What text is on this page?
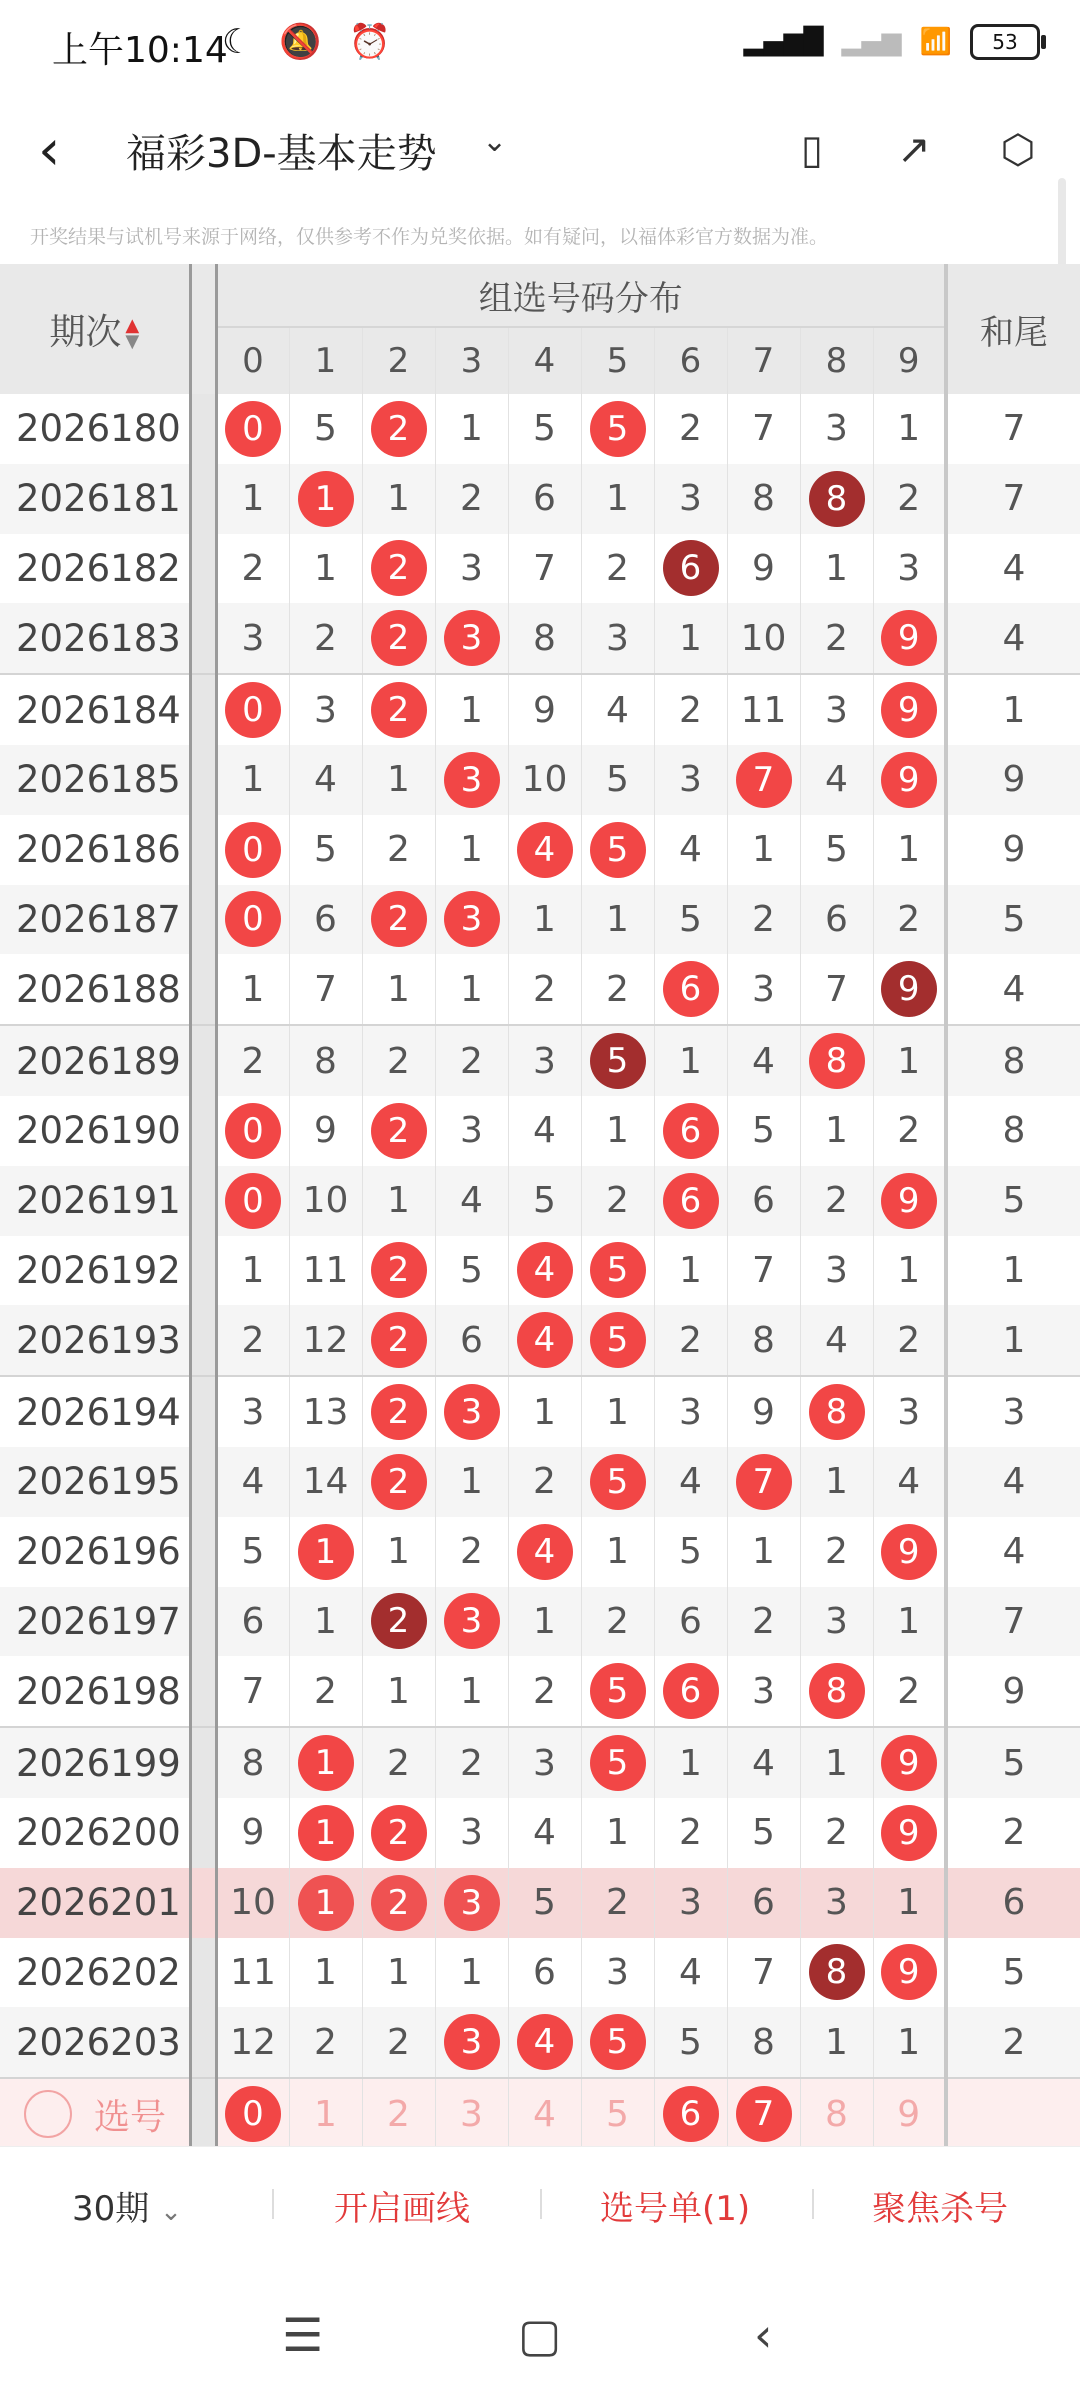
上午10:14
☾ 🔕 ⏰	▂▄▆█ ▂▄▆ 📶	53
‹ 福彩3D-基本走势 ⌄	▯	↗	⬡
开奖结果与试机号来源于网络，仅供参考不作为兑奖依据。如有疑问，以福体彩官方数据为准。
期次 ▲
▼		组选号码分布										和尾
		0	1	2	3	4	5	6	7	8	9	
2026180		0	5	2	1	5	5	2	7	3	1	7
2026181		1	1	1	2	6	1	3	8	8	2	7
2026182		2	1	2	3	7	2	6	9	1	3	4
2026183		3	2	2	3	8	3	1	10	2	9	4
2026184		0	3	2	1	9	4	2	11	3	9	1
2026185		1	4	1	3	10	5	3	7	4	9	9
2026186		0	5	2	1	4	5	4	1	5	1	9
2026187		0	6	2	3	1	1	5	2	6	2	5
2026188		1	7	1	1	2	2	6	3	7	9	4
2026189		2	8	2	2	3	5	1	4	8	1	8
2026190		0	9	2	3	4	1	6	5	1	2	8
2026191		0	10	1	4	5	2	6	6	2	9	5
2026192		1	11	2	5	4	5	1	7	3	1	1
2026193		2	12	2	6	4	5	2	8	4	2	1
2026194		3	13	2	3	1	1	3	9	8	3	3
2026195		4	14	2	1	2	5	4	7	1	4	4
2026196		5	1	1	2	4	1	5	1	2	9	4
2026197		6	1	2	3	1	2	6	2	3	1	7
2026198		7	2	1	1	2	5	6	3	8	2	9
2026199		8	1	2	2	3	5	1	4	1	9	5
2026200		9	1	2	3	4	1	2	5	2	9	2
2026201		10	1	2	3	5	2	3	6	3	1	6
2026202		11	1	1	1	6	3	4	7	8	9	5
2026203		12	2	2	3	4	5	5	8	1	1	2
选号		0	1	2	3	4	5	6	7	8	9	
30期 ⌄	开启画线	选号单(1)	聚焦杀号
☰	▢	‹
